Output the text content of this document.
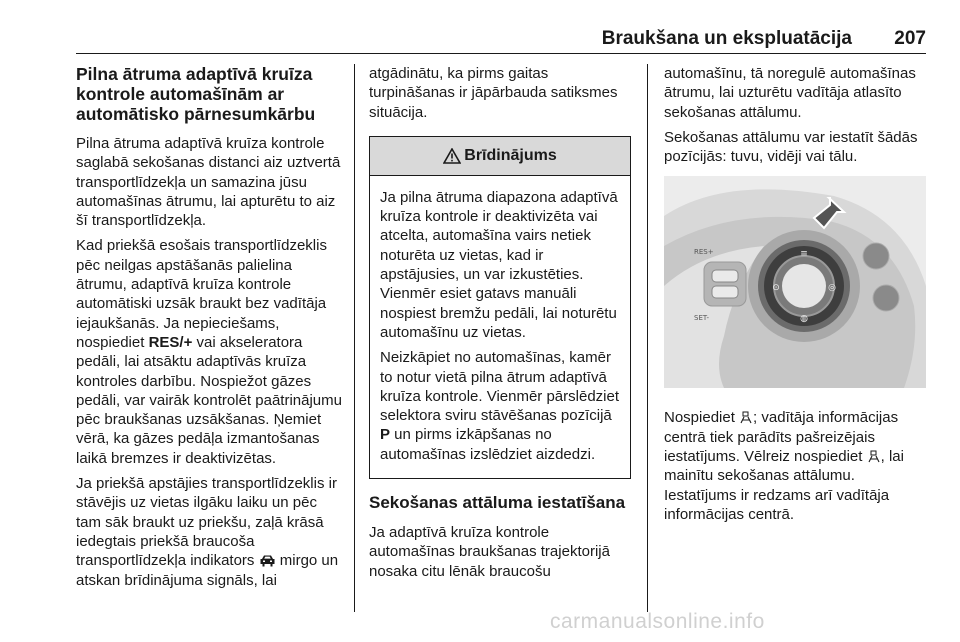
Braukšana un ekspluatācija 207
Pilna ātruma adaptīvā kruīza kontrole automašīnām ar automātisko pārnesumkārbu

Pilna ātruma adaptīvā kruīza kontrole saglabā sekošanas distanci aiz uztvertā transportlīdzekļa un samazina jūsu automašīnas ātrumu, lai apturētu to aiz šī transportlīdzekļa.

Kad priekšā esošais transportlīdzeklis pēc neilgas apstāšanās palielina ātrumu, adaptīvā kruīza kontrole automātiski uzsāk braukt bez vadītāja iejaukšanās. Ja nepieciešams, nospiediet RES/+ vai akseleratora pedāli, lai atsāktu adaptīvās kruīza kontroles darbību. Nospiežot gāzes pedāli, var vairāk kontrolēt paātrinājumu pēc braukšanas uzsākšanas. Ņemiet vērā, ka gāzes pedāļa izmantošanas laikā bremzes ir deaktivizētas.

Ja priekšā apstājies transportlīdzeklis ir stāvējis uz vietas ilgāku laiku un pēc tam sāk braukt uz priekšu, zaļā krāsā iedegtais priekšā braucoša transportlīdzekļa indikators  mirgo un atskan brīdinājuma signāls, lai

atgādinātu, ka pirms gaitas turpināšanas ir jāpārbauda satiksmes situācija.

Brīdinājums

Ja pilna ātruma diapazona adaptīvā kruīza kontrole ir deaktivizēta vai atcelta, automašīna vairs netiek noturēta uz vietas, kad ir apstājusies, un var izkustēties. Vienmēr esiet gatavs manuāli nospiest bremžu pedāli, lai noturētu automašīnu uz vietas.

Neizkāpiet no automašīnas, kamēr to notur vietā pilna ātrum adaptīvā kruīza kontrole. Vienmēr pārslēdziet selektora sviru stāvēšanas pozīcijā P un pirms izkāpšanas no automašīnas izslēdziet aizdedzi.

Sekošanas attāluma iestatīšana

Ja adaptīvā kruīza kontrole automašīnas braukšanas trajektorijā nosaka citu lēnāk braucošu

automašīnu, tā noregulē automašīnas ātrumu, lai uzturētu vadītāja atlasīto sekošanas attālumu.

Sekošanas attālumu var iestatīt šādās pozīcijās: tuvu, vidēji vai tālu.

≡
⊙	◎
◍
RES+
SET-

Nospiediet ; vadītāja informācijas centrā tiek parādīts pašreizējais iestatījums. Vēlreiz nospiediet , lai mainītu sekošanas attālumu. Iestatījums ir redzams arī vadītāja informācijas centrā.

carmanualsonline.info
